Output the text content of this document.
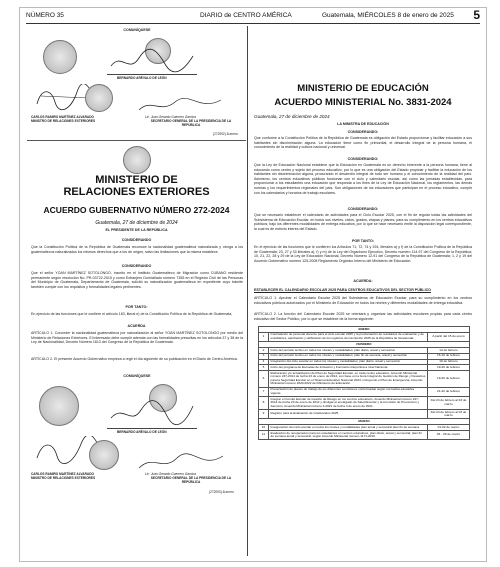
NÚMERO 35	DIARIO de CENTRO AMÉRICA	Guatemala, MIÉRCOLES 8 de enero de 2025 5
COMUNÍQUESE
BERNARDO ARÉVALO DE LEÓN
CARLOS RAMIRO MARTÍNEZ ALVARADO
MINISTRO DE RELACIONES EXTERIORES
Lic. Juan Gerardo Guerrero Garnica
SECRETARIO GENERAL DE LA PRESIDENCIA DE LA REPÚBLICA
(272092)-8-enero
MINISTERIO DE
RELACIONES EXTERIORES
ACUERDO GUBERNATIVO NÚMERO 272-2024
Guatemala, 27 de diciembre de 2024
EL PRESIDENTE DE LA REPÚBLICA
CONSIDERANDO
Que la Constitución Política de la República de Guatemala reconoce la nacionalidad guatemalteca naturalizada y otorga a los guatemaltecos naturalizados los mismos derechos que a los de origen, salvo las limitaciones que la misma establece.
CONSIDERANDO
Que el señor YOAN MARTÍNEZ SOTOLONGO, inscrito en el Instituto Guatemalteco de Migración como CUBANO residente permanente según resolución No. PR-03722-2015 y como Extranjero Domiciliado número 7355 en el Registro Civil de las Personas del Municipio de Guatemala, Departamento de Guatemala, solicitó su naturalización guatemalteca en expediente cuyo trámite también cumple con los requisitos y formalidades legales pertinentes.
POR TANTO:
En ejercicio de las funciones que le confiere el artículo 183, literal e) de la Constitución Política de la República de Guatemala,
ACUERDA
ARTÍCULO 1. Conceder la nacionalidad guatemalteca por naturalización al señor YOAN MARTÍNEZ SOTOLONGO por medio del Ministerio de Relaciones Exteriores. El interesado debe cumplir además con las formalidades prescritas en los artículos 37 y 38 de la Ley de Nacionalidad, Decreto Número 1613 del Congreso de la República de Guatemala.
ARTÍCULO 2. El presente Acuerdo Gubernativo empieza a regir el día siguiente de su publicación en el Diario de Centro América.
COMUNÍQUESE
BERNARDO ARÉVALO DE LEÓN
CARLOS RAMIRO MARTÍNEZ ALVARADO
MINISTRO DE RELACIONES EXTERIORES
Lic. Juan Gerardo Guerrero Garnica
SECRETARIO GENERAL DE LA PRESIDENCIA DE LA REPÚBLICA
(272093)-8-enero
MINISTERIO DE EDUCACIÓN
ACUERDO MINISTERIAL No. 3831-2024
Guatemala, 27 de diciembre de 2024
LA MINISTRA DE EDUCACIÓN
CONSIDERANDO:
Que conforme a la Constitución Política de la República de Guatemala es obligación del Estado proporcionar y facilitar educación a sus habitantes sin discriminación alguna. La educación tiene como fin primordial, el desarrollo integral de la persona humana, el conocimiento de la realidad y cultura nacional y universal.
CONSIDERANDO:
Que la Ley de Educación Nacional establece que la Educación en Guatemala es un derecho inherente a la persona humana, tiene al educando como centro y sujeto del proceso educativo, por lo que es una obligación del Estado propiciar y facilitar la educación de los habitantes sin discriminación alguna, procurando el desarrollo integral de todo ser humano y el conocimiento de la realidad del país. Asimismo, los centros educativos públicos funcionan con el ciclo y calendario escolar, así como las jornadas establecidas, para proporcionar a los estudiantes una educación que responda a los fines de la Ley de Educación Nacional, los reglamentos, las demás normas y los requerimientos regionales del país. Son obligaciones de los educadores que participan en el proceso educativo, cumplir con los calendarios y horarios de trabajo escolares.
CONSIDERANDO:
Que se necesario establecer el calendario de actividades para el Ciclo Escolar 2025, con el fin de regular todas las actividades del Subsistema de Educación Escolar, en todos sus niveles, ciclos, grados, etapas y planes; para su cumplimiento en los centros educativos públicos; bajo los diferentes modalidades de entrega educativa, por lo que se hace necesario emitir la disposición legal correspondiente, la cual es de estricto interés del Estado.
POR TANTO:
En el ejercicio de las funciones que le confieren los Artículos 71, 72, 74 y 194, literales a) y f) de la Constitución Política de la República de Guatemala; 23, 27 y 33 literales a), f) y m) de la Ley del Organismo Ejecutivo, Decreto número 114-97 del Congreso de la República; 10, 21, 22, 28 y 29 de la Ley de Educación Nacional, Decreto Número 12-91 del Congreso de la República de Guatemala; 1, 2 y 19 del Acuerdo Gubernativo número 125-2008 Reglamento Orgánico Interno del Ministerio de Educación.
ACUERDA:
ESTABLECER EL CALENDARIO ESCOLAR 2025 PARA CENTROS EDUCATIVOS DEL SECTOR PÚBLICO
ARTÍCULO 1. Aprobar el Calendario Escolar 2025 del Subsistema de Educación Escolar, para su cumplimiento en los centros educativos públicos autorizados por el Ministerio de Educación en todos los niveles y diferentes modalidades de entrega educativa.
ARTÍCULO 2. La función del Calendario Escolar 2025 se orientará y organizar las actividades escolares propias para cada centro educativo del Sector Público, por lo que se establece de la forma siguiente:
ENERO		
1	Contratación de personal docente para el ciclo escolar 2025 y la proclamación de resultados de evaluación y de estudiantes, aprobación y ratificación de los registros de inscripción 2025 de la República de Guatemala.	A partir del 15 de enero
FEBRERO		
2	Inicio del período lectivo en todos los niveles y modalidades; plan diario, anual y semestral.	14 de febrero
3	Inicio del período lectivo en todos los niveles y modalidades; plan fin de semana, anual y semestral.	15-16 de febrero
4	Integración del ciclo escolar en todos los niveles y modalidades; plan diario, anual y semestral.	19 de febrero
5	Inicio del programa de Escuelas de Iniciación y Formación Deportiva a nivel Nacional.	19-26 de febrero
6	Elaboración y/o actualización del Plan de Seguridad Escolar, en cada centro educativo, Acuerdo Ministerial número 247-2014 de fecha 23 de enero de 2014, con base en la Guía Integral de Gestión de Riesgo y Desastres para la Seguridad Escolar en el Sistema Educativo Nacional 2023, incluyendo el Plan de Emergencia, Acuerdo Ministerial número 1820-2022 del Ministerio de Educación.	19-26 de febrero
7	Presentación de planes de trabajo de los diferentes comisiones conformadas según normativa educativa vigente.	21-22 de febrero
8	Integrar el Comité Escolar de Gestión de Riesgo en los centros educativos, Acuerdo Ministerial número 247-2014 de fecha 23 de enero de 2014 y divulgar el encargado de Salud Escolar y la Comisión de Prevención y Atención, Acuerdo Ministerial número 3-2021 de fecha 4 de enero de 2021.	Del 24 de febrero al 03 de marzo
9	Registro para la Evaluación de Graduandos 2025.	Del 24 de febrero al 03 de marzo
MARZO		
10	Inauguración del ciclo escolar en todos los niveles y modalidades plan anual y semestral plan fin de semana.	01-02 de marzo
11	Evaluación de recuperación para los estudiantes en centros educativos, plan diario, anual y semestral; plan fin de semana anual y semestral, según Acuerdo Ministerial número 1171-2010.	03 - 09 de marzo
